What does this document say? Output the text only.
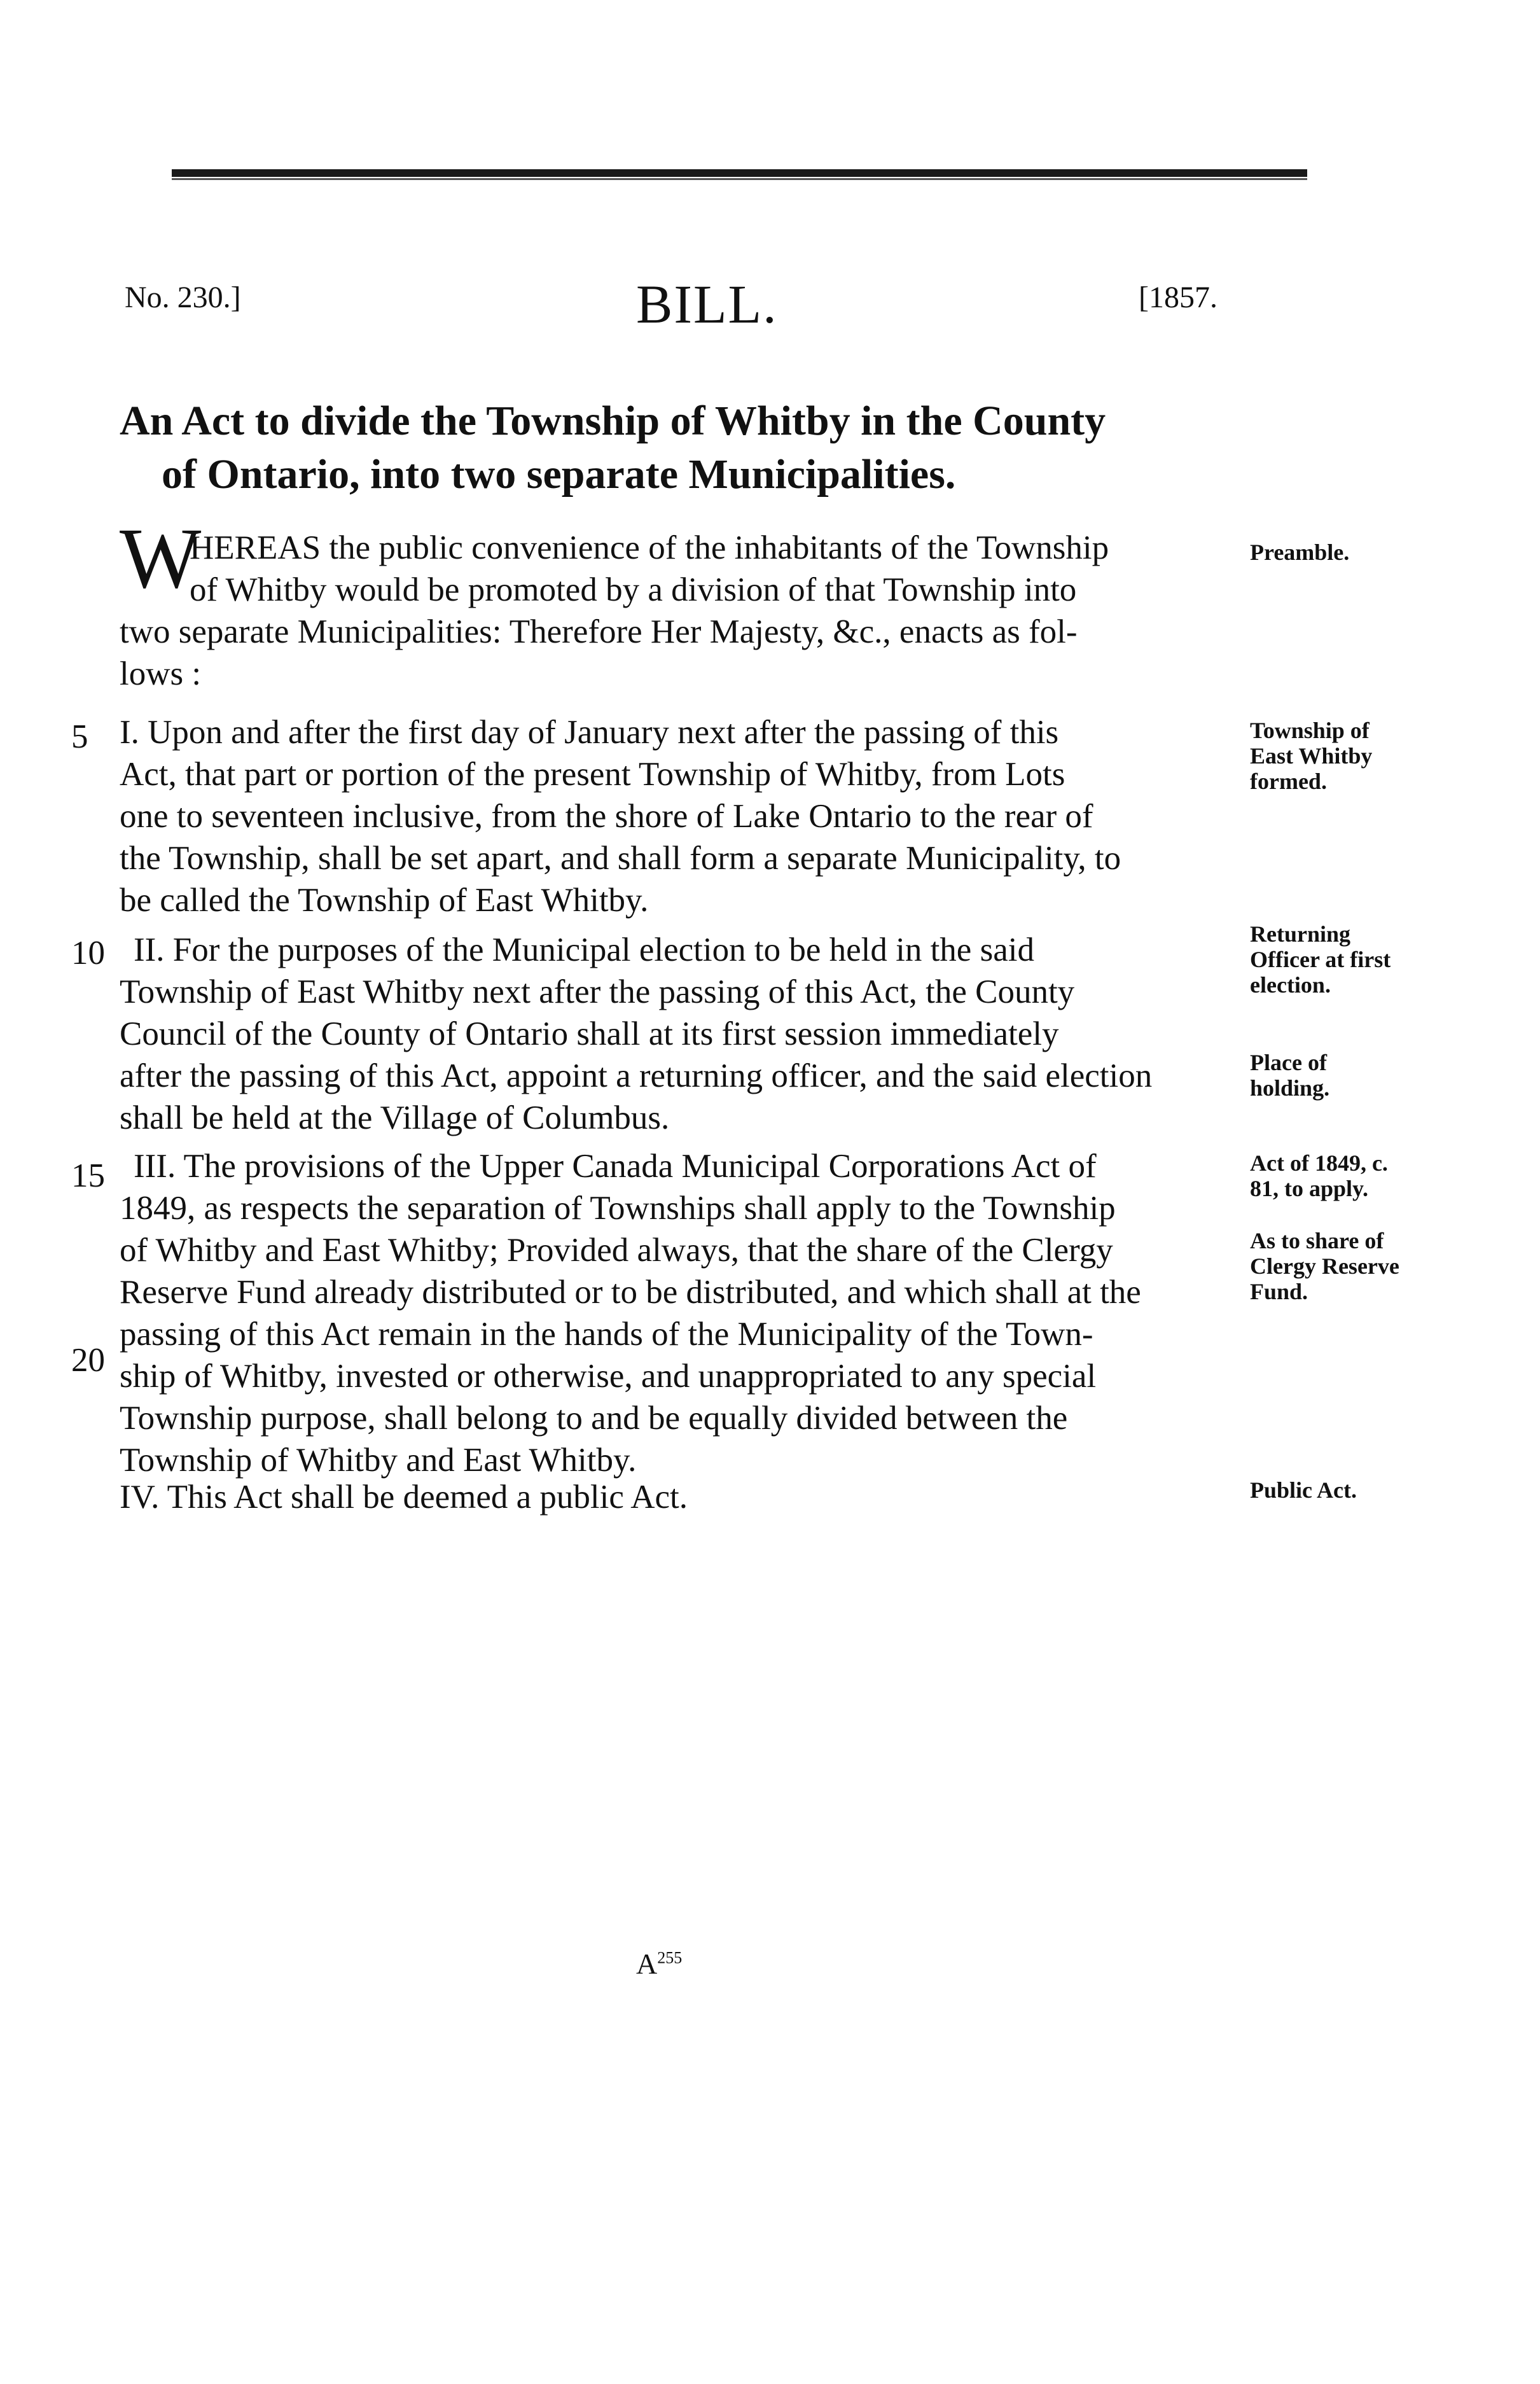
No. 230.]	BILL.	[1857.
An Act to divide the Township of Whitby in the County
of Ontario, into two separate Municipalities.
W
HEREAS the public convenience of the inhabitants of the Township
of Whitby would be promoted by a division of that Township into
two separate Municipalities: Therefore Her Majesty, &c., enacts as fol-
lows :
Preamble.
5 I. Upon and after the first day of January next after the passing of this
Act, that part or portion of the present Township of Whitby, from Lots
one to seventeen inclusive, from the shore of Lake Ontario to the rear of
the Township, shall be set apart, and shall form a separate Municipality, to
be called the Township of East Whitby.
Township of East Whitby formed.
10 II. For the purposes of the Municipal election to be held in the said
Township of East Whitby next after the passing of this Act, the County
Council of the County of Ontario shall at its first session immediately
after the passing of this Act, appoint a returning officer, and the said election
shall be held at the Village of Columbus.
Returning Officer at first election.
Place of holding.
15 III. The provisions of the Upper Canada Municipal Corporations Act of
1849, as respects the separation of Townships shall apply to the Township
of Whitby and East Whitby; Provided always, that the share of the Clergy
Reserve Fund already distributed or to be distributed, and which shall at the
passing of this Act remain in the hands of the Municipality of the Town-
ship of Whitby, invested or otherwise, and unappropriated to any special
Township purpose, shall belong to and be equally divided between the
Township of Whitby and East Whitby.
20
Act of 1849, c. 81, to apply.
As to share of Clergy Reserve Fund.
IV. This Act shall be deemed a public Act.	Public Act.
$A^{255}$
